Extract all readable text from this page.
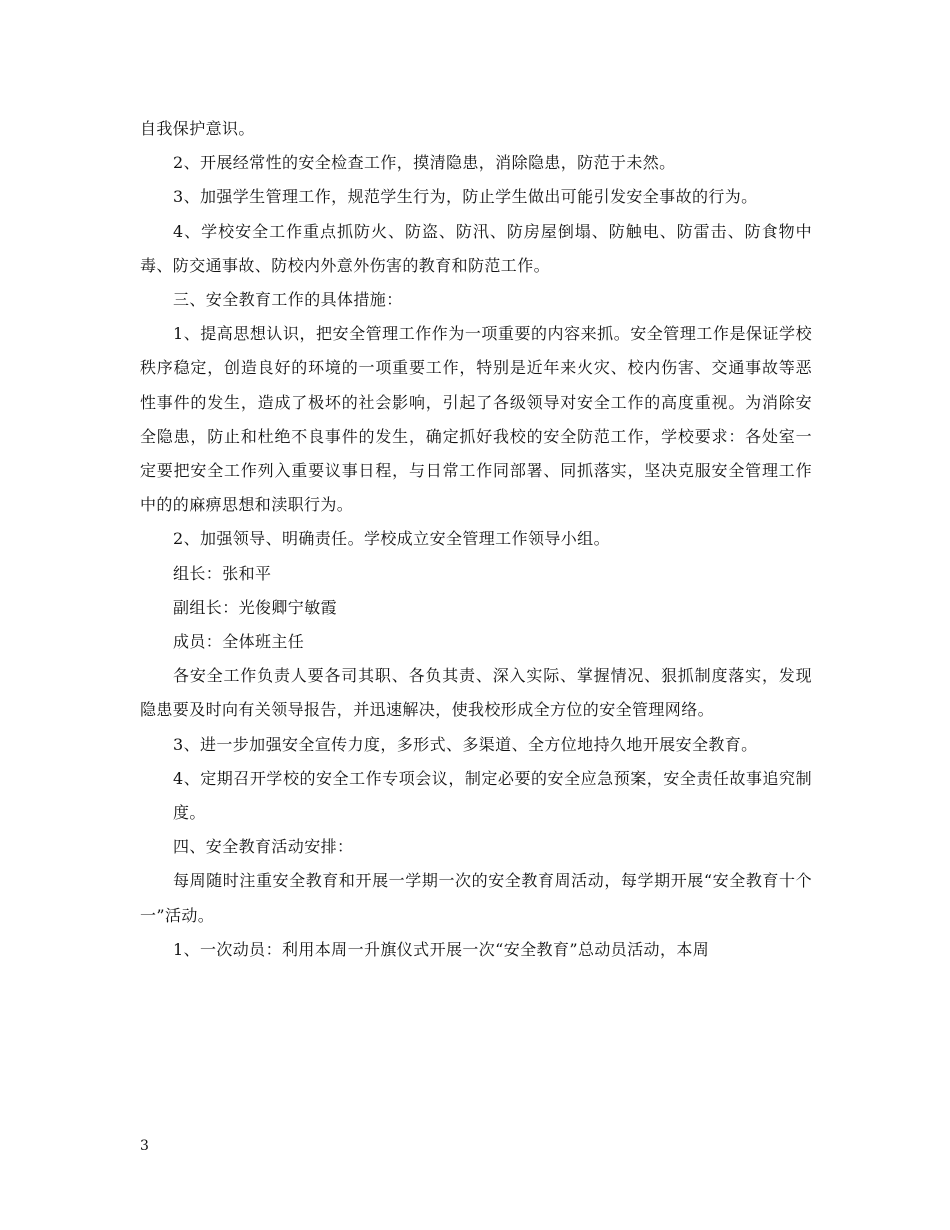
自我保护意识。

2、开展经常性的安全检查工作，摸清隐患，消除隐患，防范于未然。

3、加强学生管理工作，规范学生行为，防止学生做出可能引发安全事故的行为。

4、学校安全工作重点抓防火、防盗、防汛、防房屋倒塌、防触电、防雷击、防食物中毒、防交通事故、防校内外意外伤害的教育和防范工作。

三、安全教育工作的具体措施：

1、提高思想认识，把安全管理工作作为一项重要的内容来抓。安全管理工作是保证学校秩序稳定，创造良好的环境的一项重要工作，特别是近年来火灾、校内伤害、交通事故等恶性事件的发生，造成了极坏的社会影响，引起了各级领导对安全工作的高度重视。为消除安全隐患，防止和杜绝不良事件的发生，确定抓好我校的安全防范工作，学校要求：各处室一定要把安全工作列入重要议事日程，与日常工作同部署、同抓落实，坚决克服安全管理工作中的的麻痹思想和渎职行为。

2、加强领导、明确责任。学校成立安全管理工作领导小组。

组长：张和平

副组长：光俊卿宁敏霞

成员：全体班主任

各安全工作负责人要各司其职、各负其责、深入实际、掌握情况、狠抓制度落实，发现隐患要及时向有关领导报告，并迅速解决，使我校形成全方位的安全管理网络。

3、进一步加强安全宣传力度，多形式、多渠道、全方位地持久地开展安全教育。

4、定期召开学校的安全工作专项会议，制定必要的安全应急预案，安全责任故事追究制度。

四、安全教育活动安排：

每周随时注重安全教育和开展一学期一次的安全教育周活动，每学期开展“安全教育十个一”活动。

1、一次动员：利用本周一升旗仪式开展一次“安全教育”总动员活动，本周

3
